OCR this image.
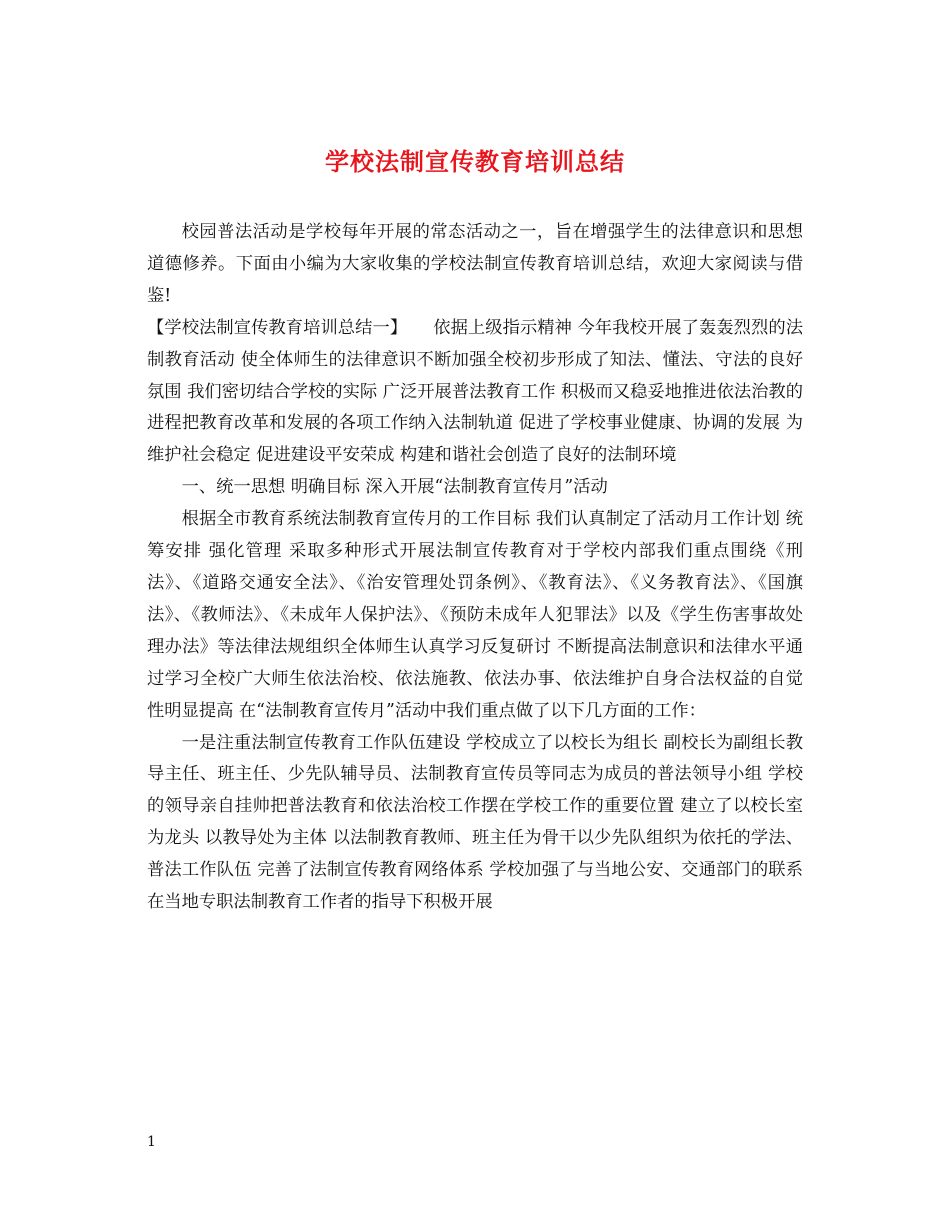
学校法制宣传教育培训总结

校园普法活动是学校每年开展的常态活动之一，旨在增强学生的法律意识和思想道德修养。下面由小编为大家收集的学校法制宣传教育培训总结，欢迎大家阅读与借鉴!

【学校法制宣传教育培训总结一】　　依据上级指示精神 今年我校开展了轰轰烈烈的法制教育活动 使全体师生的法律意识不断加强全校初步形成了知法、懂法、守法的良好氛围 我们密切结合学校的实际 广泛开展普法教育工作 积极而又稳妥地推进依法治教的进程把教育改革和发展的各项工作纳入法制轨道 促进了学校事业健康、协调的发展 为维护社会稳定 促进建设平安荣成 构建和谐社会创造了良好的法制环境

一、统一思想 明确目标 深入开展“法制教育宣传月”活动

根据全市教育系统法制教育宣传月的工作目标 我们认真制定了活动月工作计划 统筹安排 强化管理 采取多种形式开展法制宣传教育对于学校内部我们重点围绕《刑法》、《道路交通安全法》、《治安管理处罚条例》、《教育法》、《义务教育法》、《国旗法》、《教师法》、《未成年人保护法》、《预防未成年人犯罪法》以及《学生伤害事故处理办法》等法律法规组织全体师生认真学习反复研讨 不断提高法制意识和法律水平通过学习全校广大师生依法治校、依法施教、依法办事、依法维护自身合法权益的自觉性明显提高 在“法制教育宣传月”活动中我们重点做了以下几方面的工作：

一是注重法制宣传教育工作队伍建设 学校成立了以校长为组长 副校长为副组长教导主任、班主任、少先队辅导员、法制教育宣传员等同志为成员的普法领导小组 学校的领导亲自挂帅把普法教育和依法治校工作摆在学校工作的重要位置 建立了以校长室为龙头 以教导处为主体 以法制教育教师、班主任为骨干以少先队组织为依托的学法、普法工作队伍 完善了法制宣传教育网络体系 学校加强了与当地公安、交通部门的联系在当地专职法制教育工作者的指导下积极开展

1
